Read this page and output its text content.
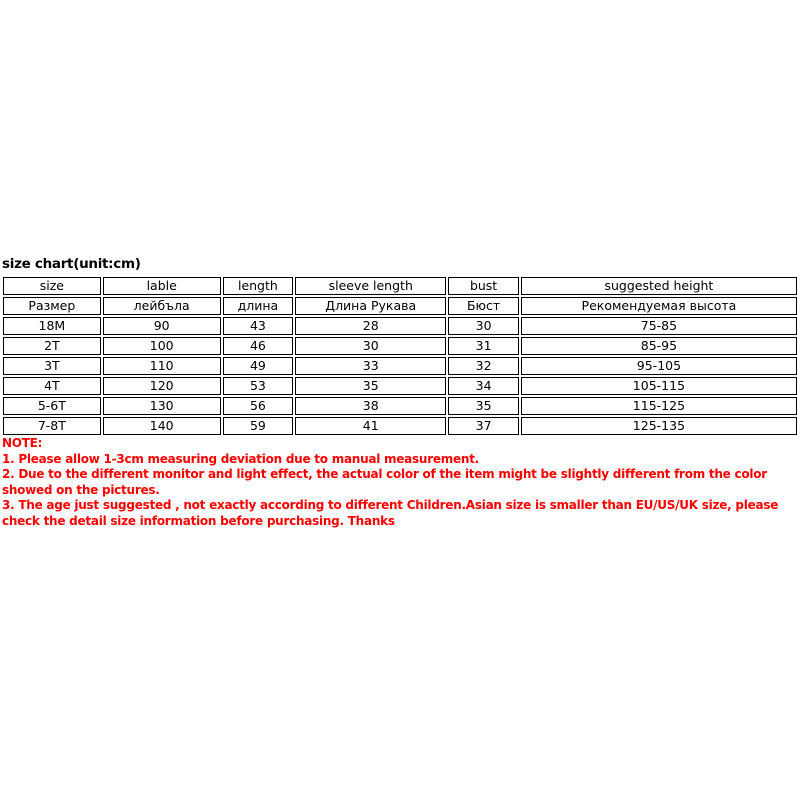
size chart(unit:cm)
size	lable	length	sleeve length	bust	suggested height
Размер	лейбъла	длина	Длина Рукава	Бюст	Рекомендуемая высота
18M	90	43	28	30	75-85
2T	100	46	30	31	85-95
3T	110	49	33	32	95-105
4T	120	53	35	34	105-115
5-6T	130	56	38	35	115-125
7-8T	140	59	41	37	125-135
NOTE:
1. Please allow 1-3cm measuring deviation due to manual measurement.
2. Due to the different monitor and light effect, the actual color of the item might be slightly different from the color showed on the pictures.
3. The age just suggested , not exactly according to different Children.Asian size is smaller than EU/US/UK size, please check the detail size information before purchasing. Thanks
